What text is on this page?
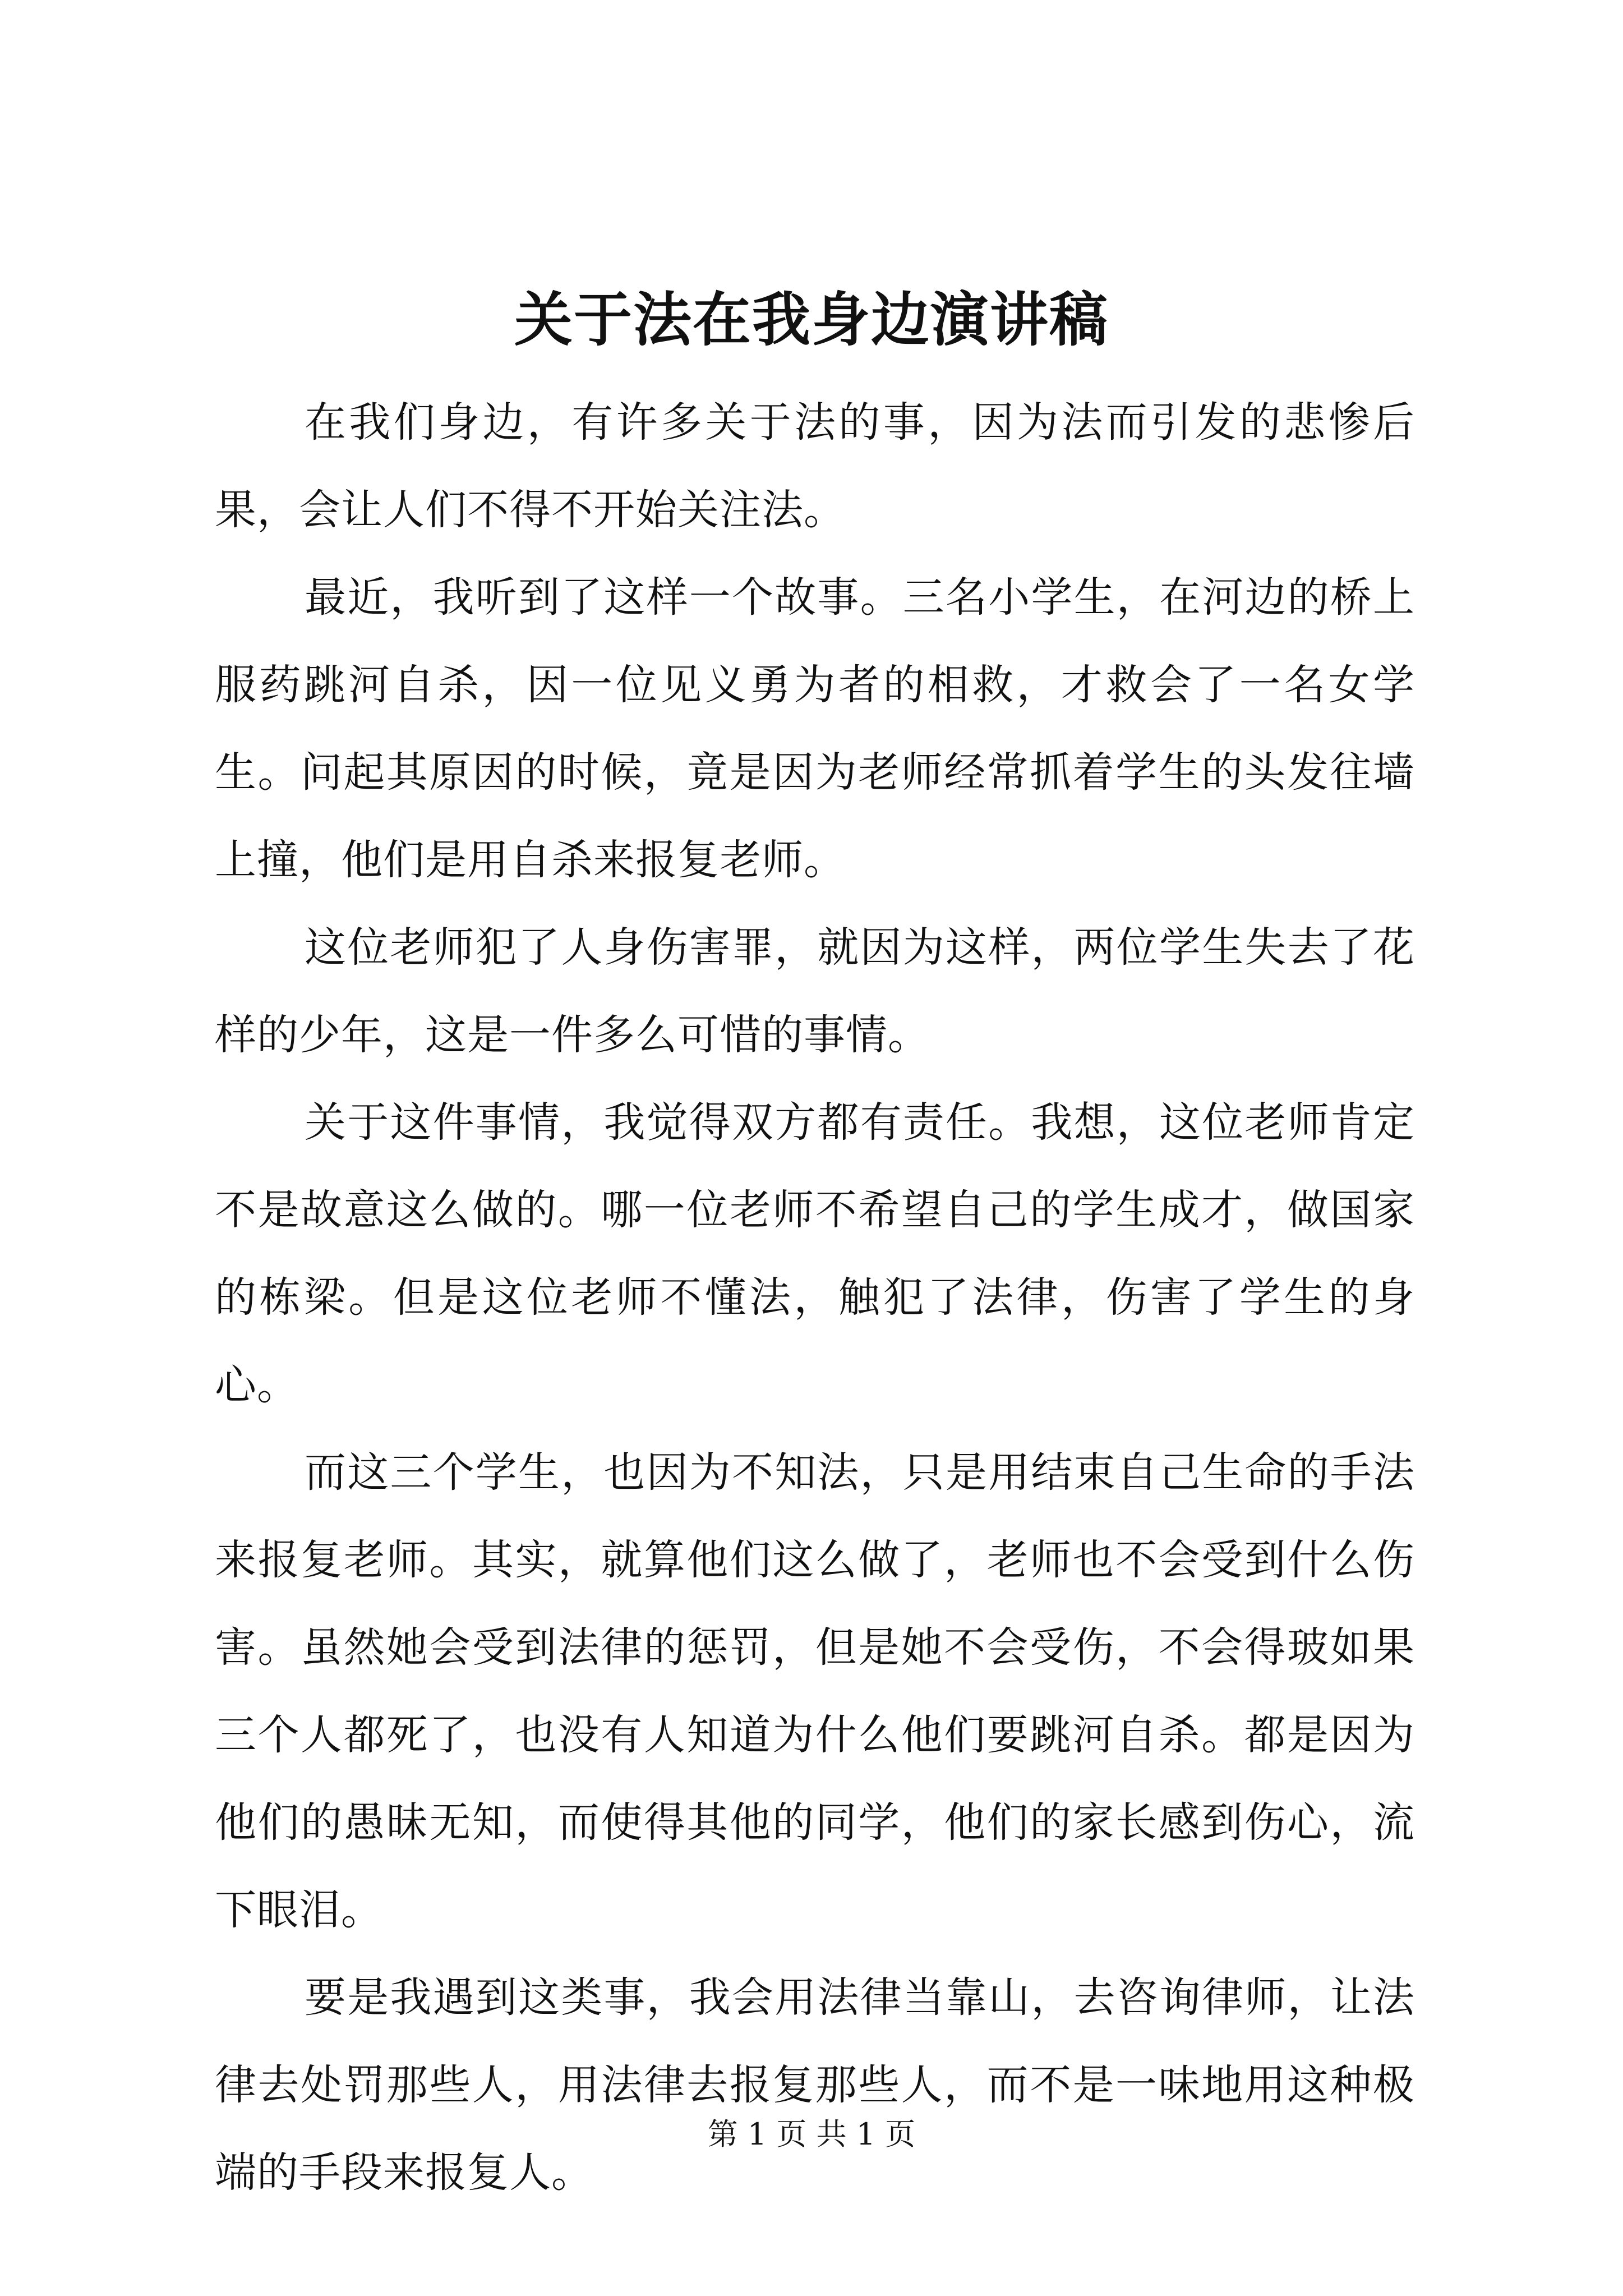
关于法在我身边演讲稿

在我们身边，有许多关于法的事，因为法而引发的悲惨后果，会让人们不得不开始关注法。

最近，我听到了这样一个故事。三名小学生，在河边的桥上服药跳河自杀，因一位见义勇为者的相救，才救会了一名女学生。问起其原因的时候，竟是因为老师经常抓着学生的头发往墙上撞，他们是用自杀来报复老师。

这位老师犯了人身伤害罪，就因为这样，两位学生失去了花样的少年，这是一件多么可惜的事情。

关于这件事情，我觉得双方都有责任。我想，这位老师肯定不是故意这么做的。哪一位老师不希望自己的学生成才，做国家的栋梁。但是这位老师不懂法，触犯了法律，伤害了学生的身心。

而这三个学生，也因为不知法，只是用结束自己生命的手法来报复老师。其实，就算他们这么做了，老师也不会受到什么伤害。虽然她会受到法律的惩罚，但是她不会受伤，不会得玻如果三个人都死了，也没有人知道为什么他们要跳河自杀。都是因为他们的愚昧无知，而使得其他的同学，他们的家长感到伤心，流下眼泪。

要是我遇到这类事，我会用法律当靠山，去咨询律师，让法律去处罚那些人，用法律去报复那些人，而不是一味地用这种极端的手段来报复人。

第 1 页 共 1 页
